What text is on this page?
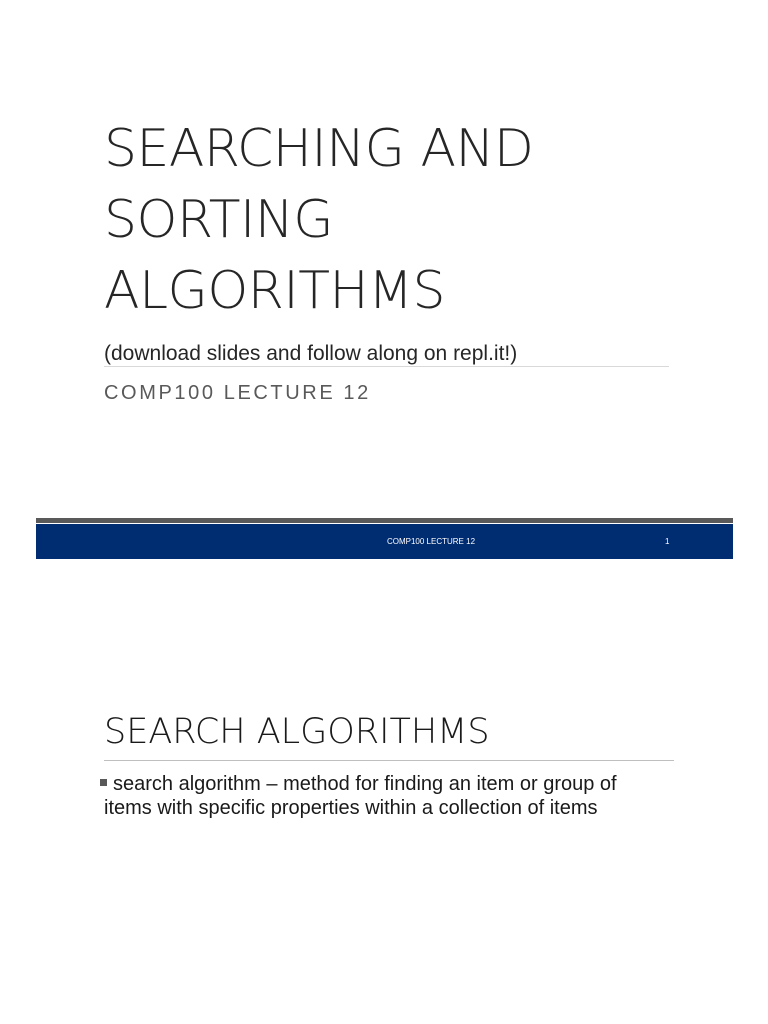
SEARCHING AND
SORTING
ALGORITHMS
(download slides and follow along on repl.it!)
COMP100 LECTURE 12
COMP100 LECTURE 12	1
SEARCH ALGORITHMS
search algorithm – method for finding an item or group of items with specific properties within a collection of items
